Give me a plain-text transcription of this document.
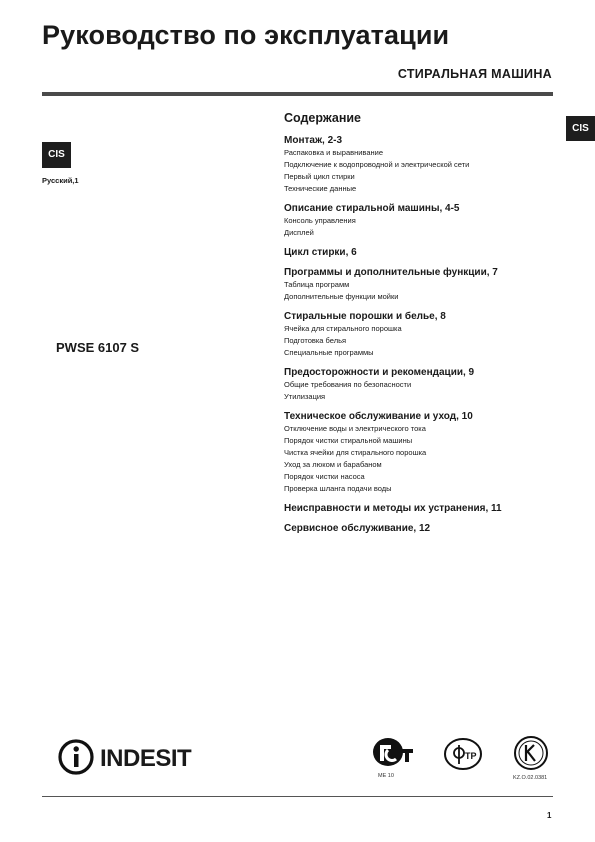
Руководство по эксплуатации
СТИРАЛЬНАЯ МАШИНА
CIS
CIS
Русский,1
PWSE 6107 S
Содержание
Монтаж, 2-3
Распаковка и выравнивание
Подключение к водопроводной и электрической сети
Первый цикл стирки
Технические данные
Описание стиральной машины, 4-5
Консоль управления
Дисплей
Цикл стирки, 6
Программы и дополнительные функции, 7
Таблица программ
Дополнительные функции мойки
Стиральные порошки и белье, 8
Ячейка для стирального порошка
Подготовка белья
Специальные программы
Предосторожности и рекомендации, 9
Общие требования по безопасности
Утилизация
Техническое обслуживание и уход, 10
Отключение воды и электрического тока
Порядок чистки стиральной машины
Чистка ячейки для стирального порошка
Уход за люком и барабаном
Порядок чистки насоса
Проверка шланга подачи воды
Неисправности и методы их устранения, 11
Сервисное обслуживание, 12
INDESIT
ME 10
TP
KZ.O.02.0381
1
